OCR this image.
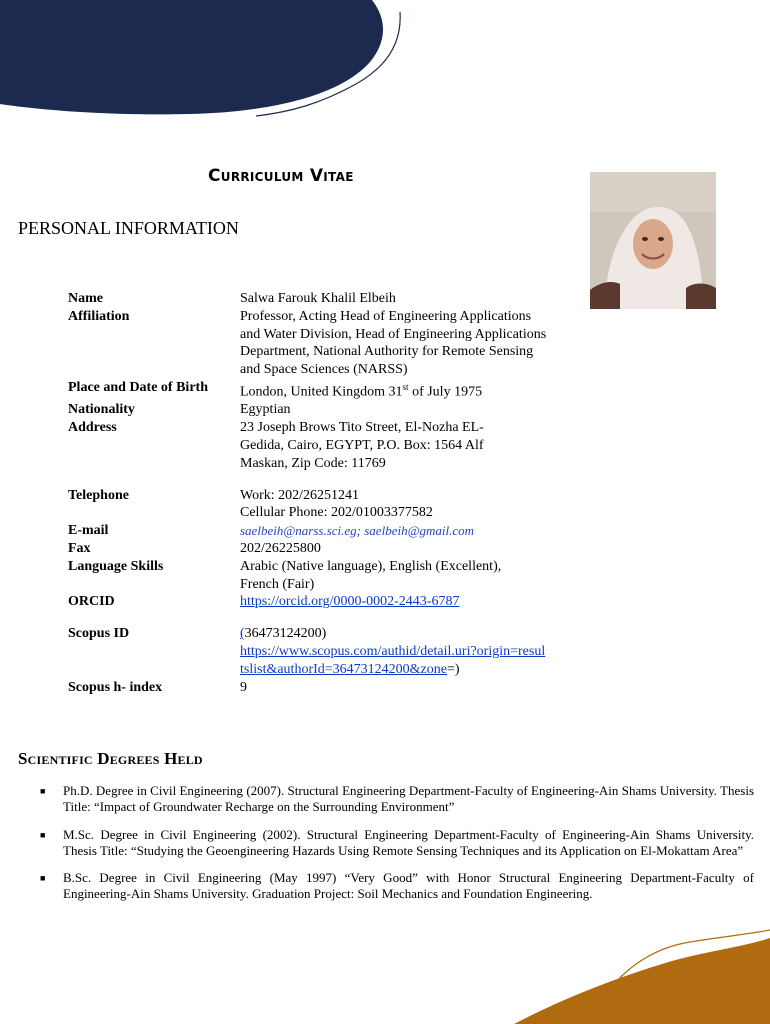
Curriculum Vitae
PERSONAL INFORMATION
Name	Salwa Farouk Khalil Elbeih
Affiliation	Professor, Acting Head of Engineering Applications and Water Division, Head of Engineering Applications Department, National Authority for Remote Sensing and Space Sciences (NARSS)
Place and Date of Birth	London, United Kingdom 31st of July 1975
Nationality	Egyptian
Address	23 Joseph Brows Tito Street, El-Nozha EL-Gedida, Cairo, EGYPT, P.O. Box: 1564 Alf Maskan, Zip Code: 11769
Telephone	Work: 202/26251241
Cellular Phone: 202/01003377582
E-mail	saelbeih@narss.sci.eg; saelbeih@gmail.com
Fax	202/26225800
Language Skills	Arabic (Native language), English (Excellent), French (Fair)
ORCID	https://orcid.org/0000-0002-2443-6787
Scopus ID	(36473124200)
https://www.scopus.com/authid/detail.uri?origin=resultslist&authorId=36473124200&zone=)
Scopus h- index	9
Scientific Degrees Held
■ Ph.D. Degree in Civil Engineering (2007). Structural Engineering Department-Faculty of Engineering-Ain Shams University. Thesis Title: “Impact of Groundwater Recharge on the Surrounding Environment”
■ M.Sc. Degree in Civil Engineering (2002). Structural Engineering Department-Faculty of Engineering-Ain Shams University. Thesis Title: “Studying the Geoengineering Hazards Using Remote Sensing Techniques and its Application on El-Mokattam Area”
■ B.Sc. Degree in Civil Engineering (May 1997) “Very Good” with Honor Structural Engineering Department-Faculty of Engineering-Ain Shams University. Graduation Project: Soil Mechanics and Foundation Engineering.
